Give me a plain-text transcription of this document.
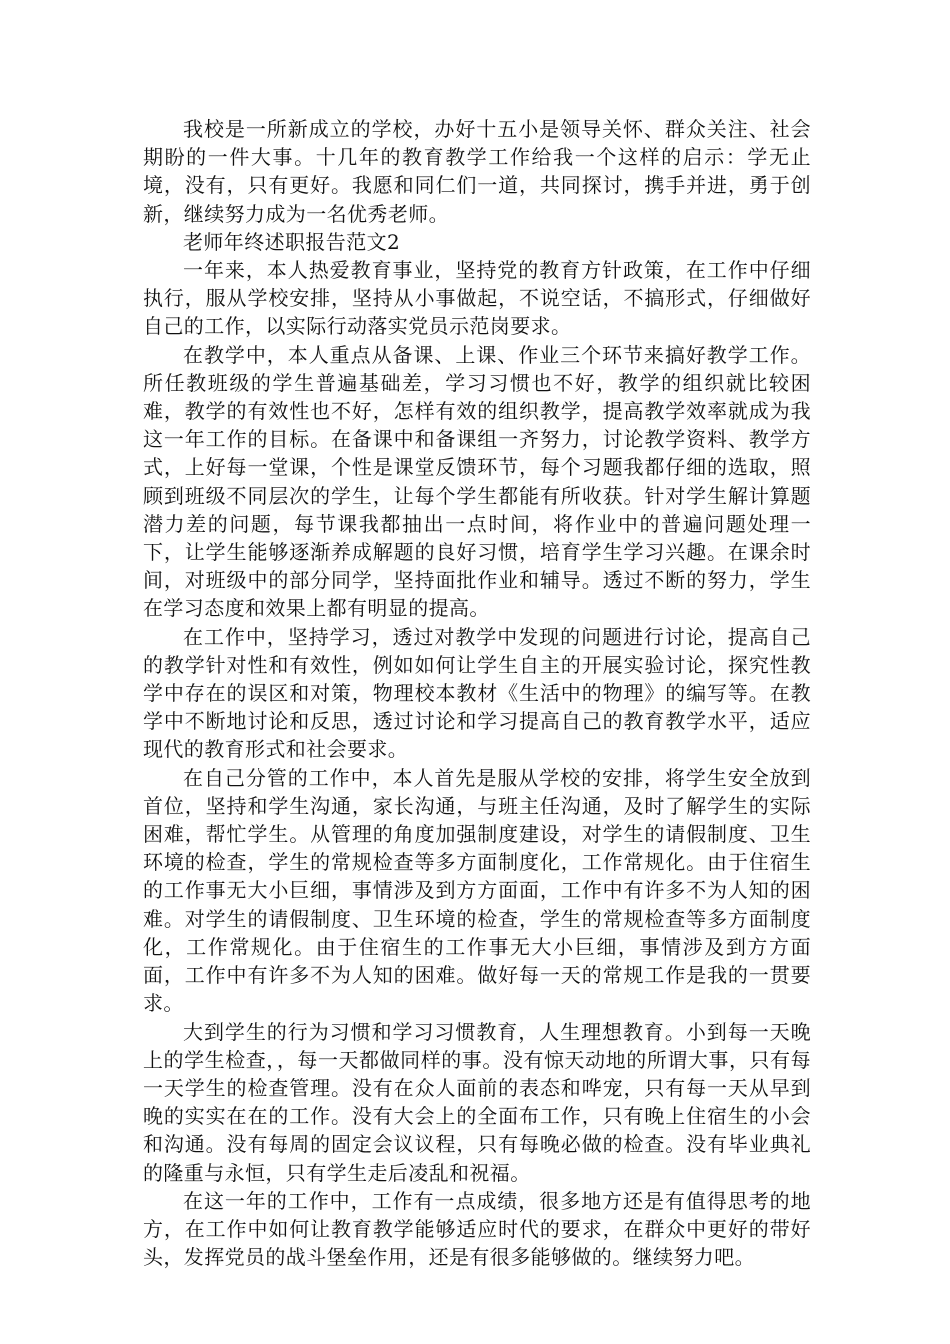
我校是一所新成立的学校，办好十五小是领导关怀、群众关注、社会期盼的一件大事。十几年的教育教学工作给我一个这样的启示：学无止境，没有，只有更好。我愿和同仁们一道，共同探讨，携手并进，勇于创新，继续努力成为一名优秀老师。

老师年终述职报告范文2

一年来，本人热爱教育事业，坚持党的教育方针政策，在工作中仔细执行，服从学校安排，坚持从小事做起，不说空话，不搞形式，仔细做好自己的工作，以实际行动落实党员示范岗要求。

在教学中，本人重点从备课、上课、作业三个环节来搞好教学工作。所任教班级的学生普遍基础差，学习习惯也不好，教学的组织就比较困难，教学的有效性也不好，怎样有效的组织教学，提高教学效率就成为我这一年工作的目标。在备课中和备课组一齐努力，讨论教学资料、教学方式，上好每一堂课，个性是课堂反馈环节，每个习题我都仔细的选取，照顾到班级不同层次的学生，让每个学生都能有所收获。针对学生解计算题潜力差的问题，每节课我都抽出一点时间，将作业中的普遍问题处理一下，让学生能够逐渐养成解题的良好习惯，培育学生学习兴趣。在课余时间，对班级中的部分同学，坚持面批作业和辅导。透过不断的努力，学生在学习态度和效果上都有明显的提高。

在工作中，坚持学习，透过对教学中发现的问题进行讨论，提高自己的教学针对性和有效性，例如如何让学生自主的开展实验讨论，探究性教学中存在的误区和对策，物理校本教材《生活中的物理》的编写等。在教学中不断地讨论和反思，透过讨论和学习提高自己的教育教学水平，适应现代的教育形式和社会要求。

在自己分管的工作中，本人首先是服从学校的安排，将学生安全放到首位，坚持和学生沟通，家长沟通，与班主任沟通，及时了解学生的实际困难，帮忙学生。从管理的角度加强制度建设，对学生的请假制度、卫生环境的检查，学生的常规检查等多方面制度化，工作常规化。由于住宿生的工作事无大小巨细，事情涉及到方方面面，工作中有许多不为人知的困难。对学生的请假制度、卫生环境的检查，学生的常规检查等多方面制度化，工作常规化。由于住宿生的工作事无大小巨细，事情涉及到方方面面，工作中有许多不为人知的困难。做好每一天的常规工作是我的一贯要求。

大到学生的行为习惯和学习习惯教育，人生理想教育。小到每一天晚上的学生检查，，每一天都做同样的事。没有惊天动地的所谓大事，只有每一天学生的检查管理。没有在众人面前的表态和哗宠，只有每一天从早到晚的实实在在的工作。没有大会上的全面布工作，只有晚上住宿生的小会和沟通。没有每周的固定会议议程，只有每晚必做的检查。没有毕业典礼的隆重与永恒，只有学生走后凌乱和祝福。

在这一年的工作中，工作有一点成绩，很多地方还是有值得思考的地方，在工作中如何让教育教学能够适应时代的要求，在群众中更好的带好头，发挥党员的战斗堡垒作用，还是有很多能够做的。继续努力吧。
